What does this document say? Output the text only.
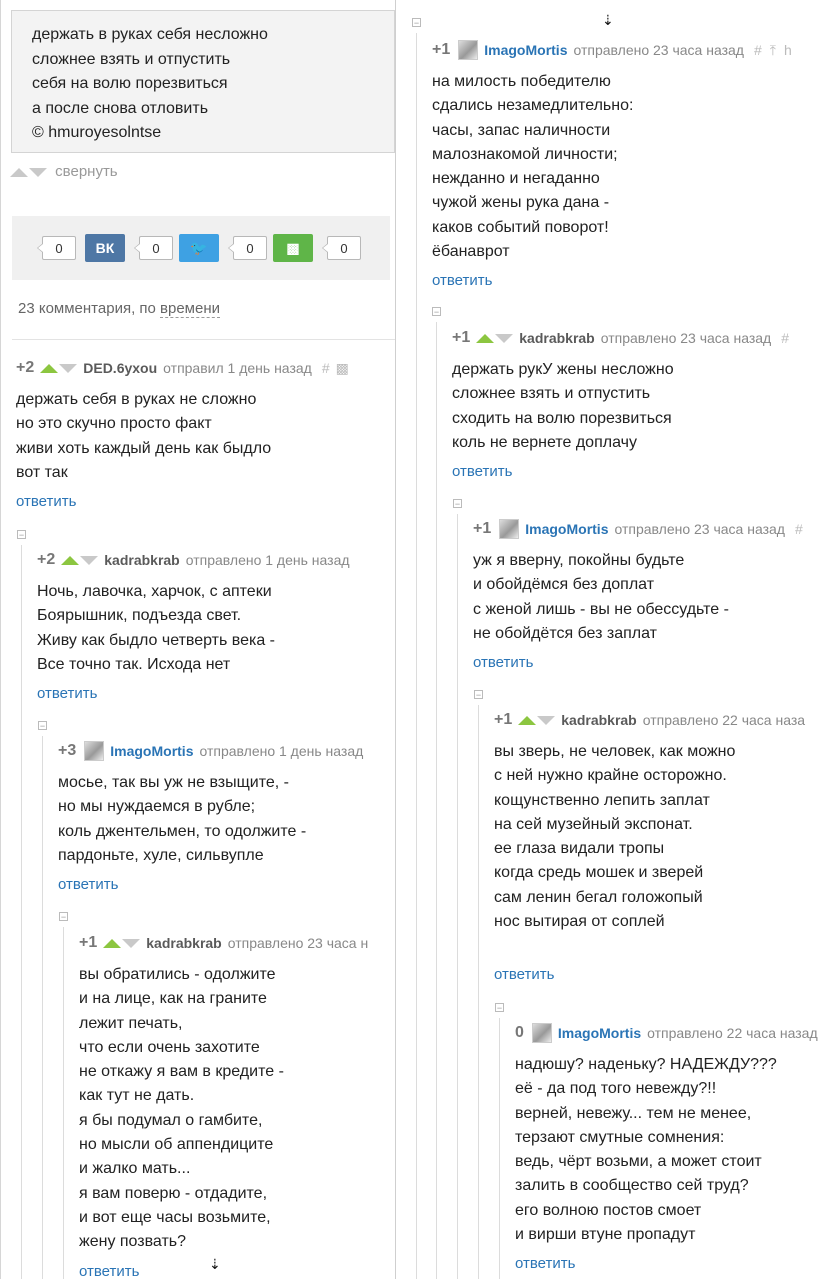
держать в руках себя несложно
сложнее взять и отпустить
себя на волю порезвиться
а после снова отловить
© hmuroyesolntse
свернуть
0	ВК	0	🐦	0	▩	0
23 комментария, по времени
+2	DED.6yxou отправил 1 день назад # ▩
держать себя в руках не сложно
но это скучно просто факт
живи хоть каждый день как быдло
вот так
ответить
−
+2	kadrabkrab отправлено 1 день назад
Ночь, лавочка, харчок, с аптеки
Боярышник, подъезда свет.
Живу как быдло четверть века -
Все точно так. Исхода нет
ответить
−
+3 ImagoMortis отправлено 1 день назад
мосье, так вы уж не взыщите, -
но мы нуждаемся в рубле;
коль джентельмен, то одолжите -
пардоньте, хуле, сильвупле
ответить
−
+1	kadrabkrab отправлено 23 часа н
вы обратились - одолжите
и на лице, как на граните
лежит печать,
что если очень захотите
не откажу я вам в кредите -
как тут не дать.
я бы подумал о гамбите,
но мысли об аппендиците
и жалко мать...
я вам поверю - отдадите,
и вот еще часы возьмите,
жену позвать?
ответить	⇣
−	⇣
+1 ImagoMortis отправлено 23 часа назад # ⤒ h
на милость победителю
сдались незамедлительно:
часы, запас наличности
малознакомой личности;
нежданно и негаданно
чужой жены рука дана -
каков событий поворот!
ёбанаврот
ответить
−
+1	kadrabkrab отправлено 23 часа назад #
держать рукУ жены несложно
сложнее взять и отпустить
сходить на волю порезвиться
коль не вернете доплачу
ответить
−
+1 ImagoMortis отправлено 23 часа назад #
уж я вверну, покойны будьте
и обойдёмся без доплат
с женой лишь - вы не обессудьте -
не обойдётся без заплат
ответить
−
+1	kadrabkrab отправлено 22 часа наза
вы зверь, не человек, как можно
с ней нужно крайне осторожно.
кощунственно лепить заплат
на сей музейный экспонат.
ее глаза видали тропы
когда средь мошек и зверей
сам ленин бегал голожопый
нос вытирая от соплей
ответить
−
0 ImagoMortis отправлено 22 часа назад
надюшу? наденьку? НАДЕЖДУ???
её - да под того невежду?!!
верней, невежу... тем не менее,
терзают смутные сомнения:
ведь, чёрт возьми, а может стоит
залить в сообщество сей труд?
его волною постов смоет
и вирши втуне пропадут
ответить
